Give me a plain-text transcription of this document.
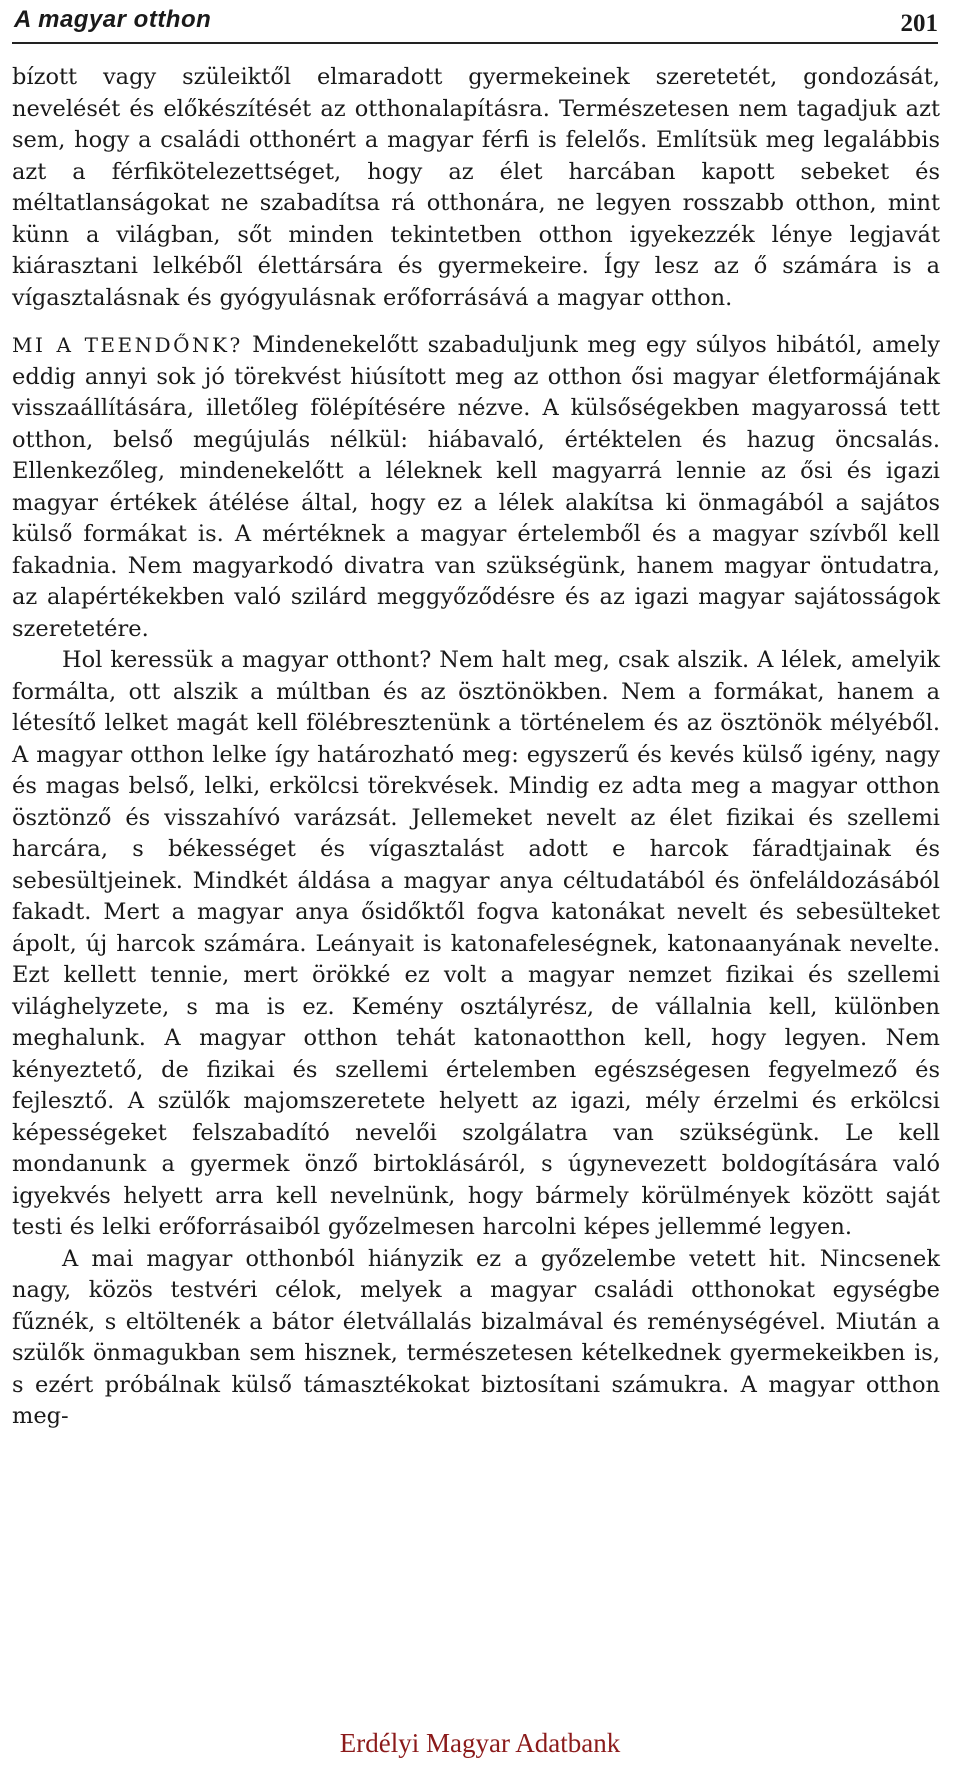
A magyar otthon	201

bízott vagy szüleiktől elmaradott gyermekeinek szeretetét, gondozását, nevelését és előkészítését az otthonalapításra. Természetesen nem tagadjuk azt sem, hogy a családi otthonért a magyar férfi is felelős. Említsük meg legalábbis azt a férfikötelezettséget, hogy az élet harcában kapott sebeket és méltatlanságokat ne szabadítsa rá otthonára, ne legyen rosszabb otthon, mint künn a világban, sőt minden tekintetben otthon igyekezzék lénye legjavát kiárasztani lelkéből élettársára és gyermekeire. Így lesz az ő számára is a vígasztalásnak és gyógyulásnak erőforrásává a magyar otthon.

MI A TEENDŐNK? Mindenekelőtt szabaduljunk meg egy súlyos hibától, amely eddig annyi sok jó törekvést hiúsított meg az otthon ősi magyar életformájának visszaállítására, illetőleg fölépítésére nézve. A külsőségekben magyarossá tett otthon, belső megújulás nélkül: hiábavaló, értéktelen és hazug öncsalás. Ellenkezőleg, mindenekelőtt a léleknek kell magyarrá lennie az ősi és igazi magyar értékek átélése által, hogy ez a lélek alakítsa ki önmagából a sajátos külső formákat is. A mértéknek a magyar értelemből és a magyar szívből kell fakadnia. Nem magyarkodó divatra van szükségünk, hanem magyar öntudatra, az alapértékekben való szilárd meggyőződésre és az igazi magyar sajátosságok szeretetére.

Hol keressük a magyar otthont? Nem halt meg, csak alszik. A lélek, amelyik formálta, ott alszik a múltban és az ösztönökben. Nem a formákat, hanem a létesítő lelket magát kell fölébresztenünk a történelem és az ösztönök mélyéből. A magyar otthon lelke így határozható meg: egyszerű és kevés külső igény, nagy és magas belső, lelki, erkölcsi törekvések. Mindig ez adta meg a magyar otthon ösztönző és visszahívó varázsát. Jellemeket nevelt az élet fizikai és szellemi harcára, s békességet és vígasztalást adott e harcok fáradtjainak és sebesültjeinek. Mindkét áldása a magyar anya céltudatából és önfeláldozásából fakadt. Mert a magyar anya ősidőktől fogva katonákat nevelt és sebesülteket ápolt, új harcok számára. Leányait is katonafeleségnek, katonaanyának nevelte. Ezt kellett tennie, mert örökké ez volt a magyar nemzet fizikai és szellemi világhelyzete, s ma is ez. Kemény osztályrész, de vállalnia kell, különben meghalunk. A magyar otthon tehát katonaotthon kell, hogy legyen. Nem kényeztető, de fizikai és szellemi értelemben egészségesen fegyelmező és fejlesztő. A szülők majomszeretete helyett az igazi, mély érzelmi és erkölcsi képességeket felszabadító nevelői szolgálatra van szükségünk. Le kell mondanunk a gyermek önző birtoklásáról, s úgynevezett boldogítására való igyekvés helyett arra kell nevelnünk, hogy bármely körülmények között saját testi és lelki erőforrásaiból győzelmesen harcolni képes jellemmé legyen.

A mai magyar otthonból hiányzik ez a győzelembe vetett hit. Nincsenek nagy, közös testvéri célok, melyek a magyar családi otthonokat egységbe fűznék, s eltöltenék a bátor életvállalás bizalmával és reménységével. Miután a szülők önmagukban sem hisznek, természetesen kételkednek gyermekeikben is, s ezért próbálnak külső támasztékokat biztosítani számukra. A magyar otthon meg-

Erdélyi Magyar Adatbank
